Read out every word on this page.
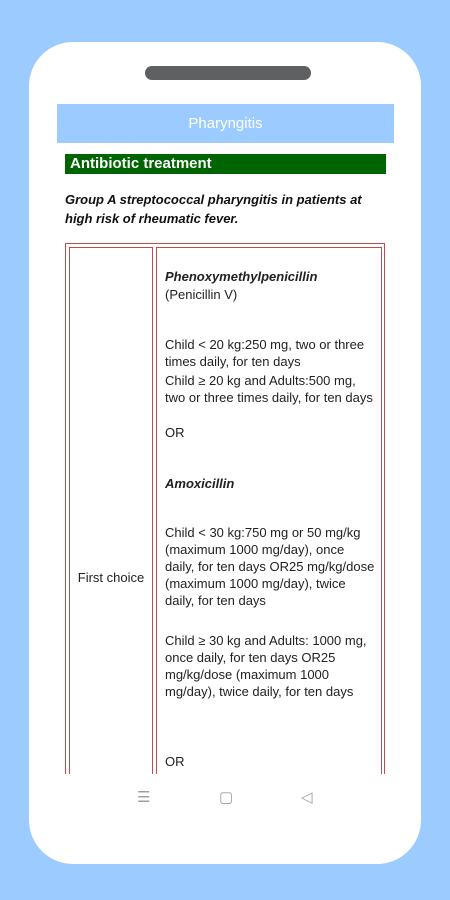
Pharyngitis
Antibiotic treatment
Group A streptococcal pharyngitis in patients at high risk of rheumatic fever.
First choice
Phenoxymethylpenicillin
(Penicillin V)
Child < 20 kg:250 mg, two or three times daily, for ten days
Child ≥ 20 kg and Adults:500 mg, two or three times daily, for ten days
OR
Amoxicillin
Child < 30 kg:750 mg or 50 mg/kg (maximum 1000 mg/day), once daily, for ten days OR25 mg/kg/dose (maximum 1000 mg/day), twice daily, for ten days
Child ≥ 30 kg and Adults: 1000 mg, once daily, for ten days OR25 mg/kg/dose (maximum 1000 mg/day), twice daily, for ten days
OR
☰	▢	◁
